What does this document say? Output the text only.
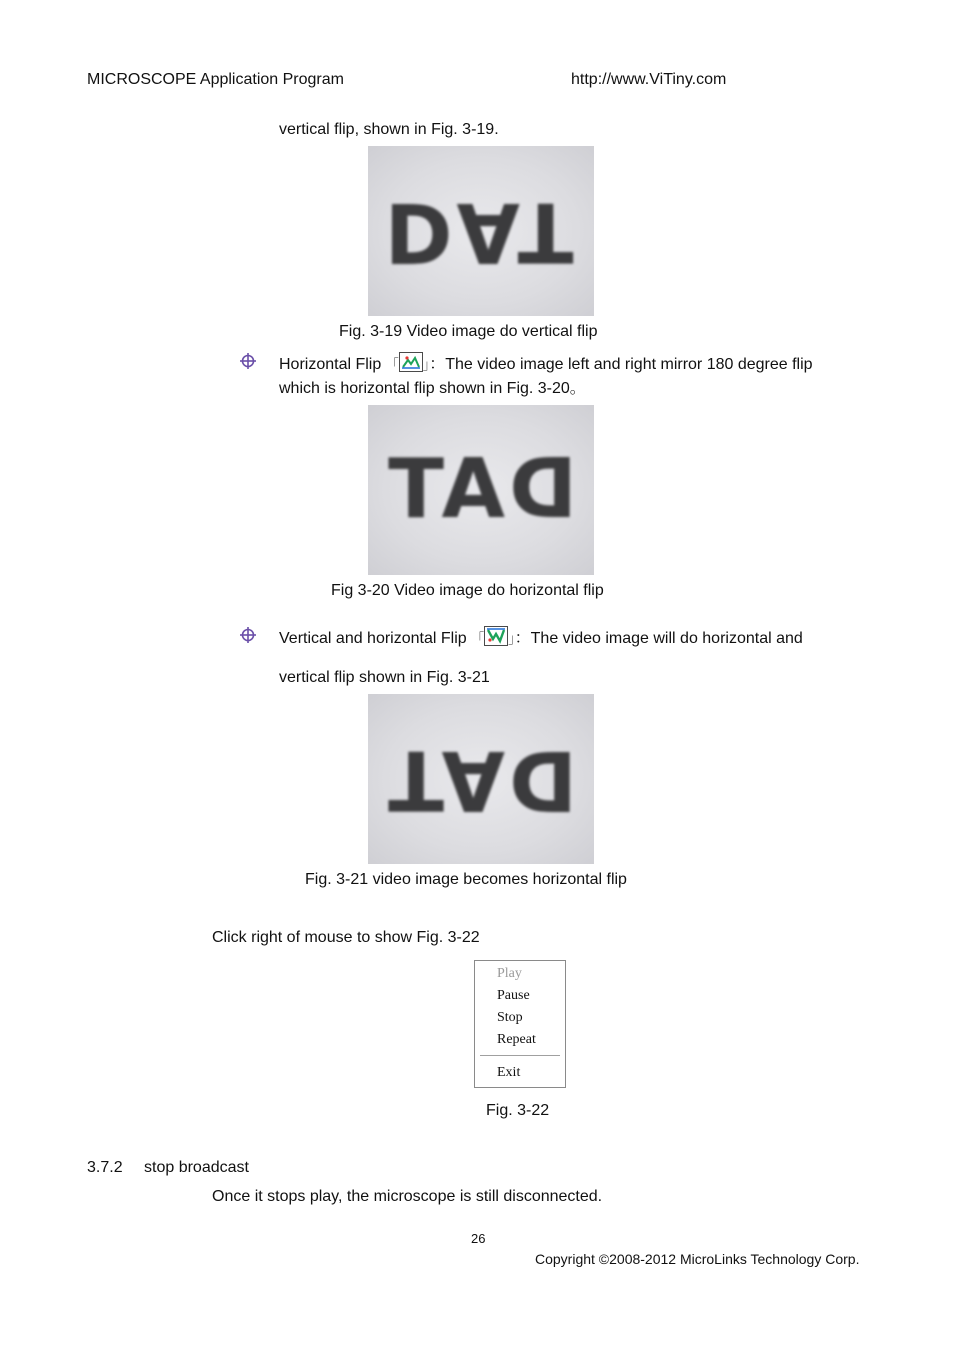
MICROSCOPE Application Program	http://www.ViTiny.com
vertical flip, shown in Fig. 3-19.
DAT
Fig. 3-19 Video image do vertical flip
Horizontal Flip 「 」：The video image left and right mirror 180 degree flip
which is horizontal flip shown in Fig. 3-20。
DAT
Fig 3-20 Video image do horizontal flip
Vertical and horizontal Flip 「 」：The video image will do horizontal and
vertical flip shown in Fig. 3-21
DAT
Fig. 3-21 video image becomes horizontal flip
Click right of mouse to show Fig. 3-22
Play
Pause
Stop
Repeat
Exit
Fig. 3-22
3.7.2 stop broadcast
Once it stops play, the microscope is still disconnected.
26
Copyright ©2008-2012 MicroLinks Technology Corp.
